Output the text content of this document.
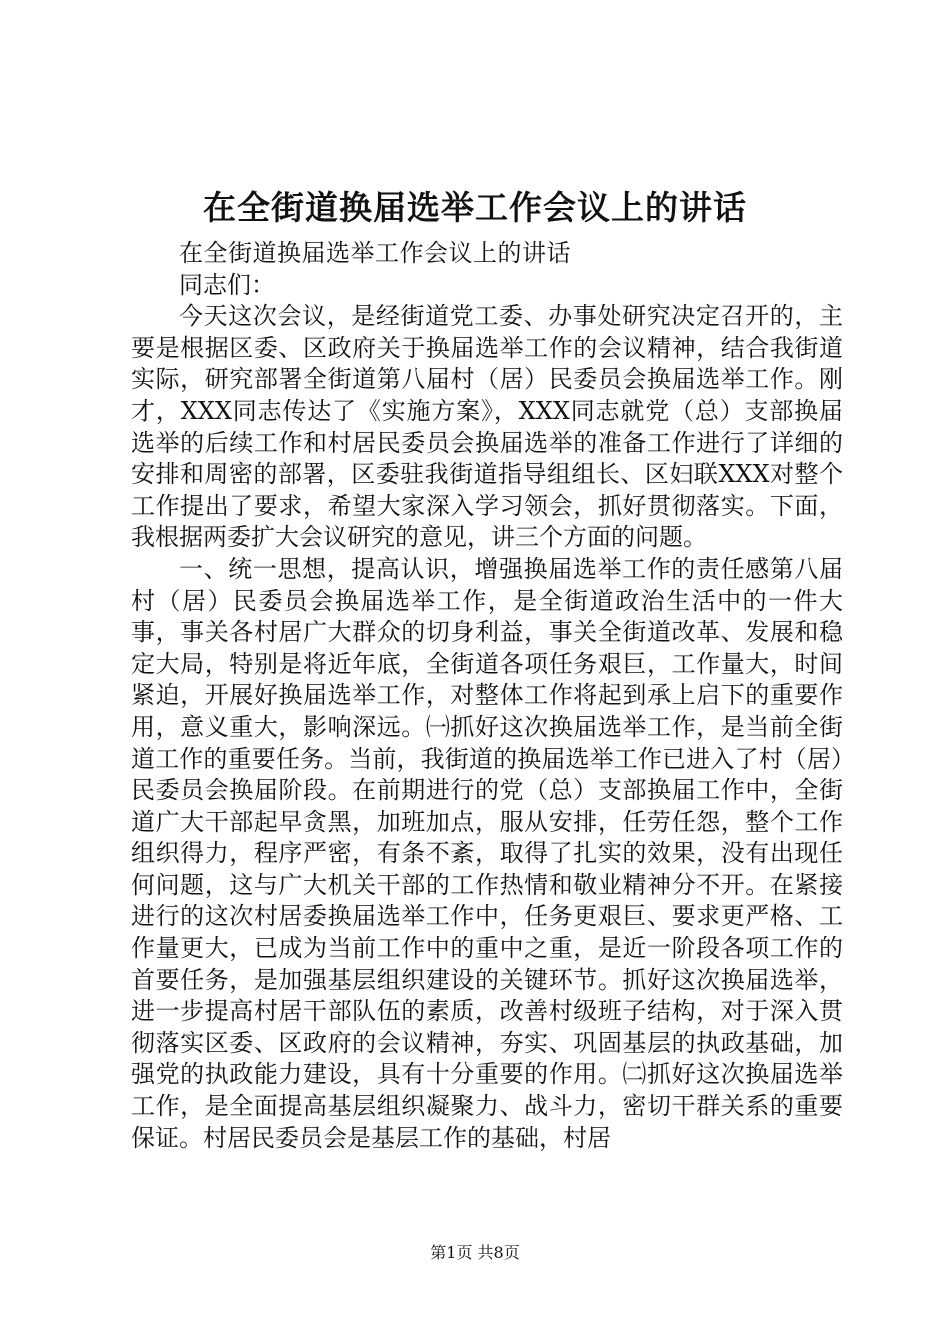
在全街道换届选举工作会议上的讲话

在全街道换届选举工作会议上的讲话

同志们：

今天这次会议，是经街道党工委、办事处研究决定召开的，主要是根据区委、区政府关于换届选举工作的会议精神，结合我街道实际，研究部署全街道第八届村（居）民委员会换届选举工作。刚才，XXX同志传达了《实施方案》，XXX同志就党（总）支部换届选举的后续工作和村居民委员会换届选举的准备工作进行了详细的安排和周密的部署，区委驻我街道指导组组长、区妇联XXX对整个工作提出了要求，希望大家深入学习领会，抓好贯彻落实。下面，我根据两委扩大会议研究的意见，讲三个方面的问题。

一、统一思想，提高认识，增强换届选举工作的责任感第八届村（居）民委员会换届选举工作，是全街道政治生活中的一件大事，事关各村居广大群众的切身利益，事关全街道改革、发展和稳定大局，特别是将近年底，全街道各项任务艰巨，工作量大，时间紧迫，开展好换届选举工作，对整体工作将起到承上启下的重要作用，意义重大，影响深远。㈠抓好这次换届选举工作，是当前全街道工作的重要任务。当前，我街道的换届选举工作已进入了村（居）民委员会换届阶段。在前期进行的党（总）支部换届工作中，全街道广大干部起早贪黑，加班加点，服从安排，任劳任怨，整个工作组织得力，程序严密，有条不紊，取得了扎实的效果，没有出现任何问题，这与广大机关干部的工作热情和敬业精神分不开。在紧接进行的这次村居委换届选举工作中，任务更艰巨、要求更严格、工作量更大，已成为当前工作中的重中之重，是近一阶段各项工作的首要任务，是加强基层组织建设的关键环节。抓好这次换届选举，进一步提高村居干部队伍的素质，改善村级班子结构，对于深入贯彻落实区委、区政府的会议精神，夯实、巩固基层的执政基础，加强党的执政能力建设，具有十分重要的作用。㈡抓好这次换届选举工作，是全面提高基层组织凝聚力、战斗力，密切干群关系的重要保证。村居民委员会是基层工作的基础，村居

第1页 共8页
